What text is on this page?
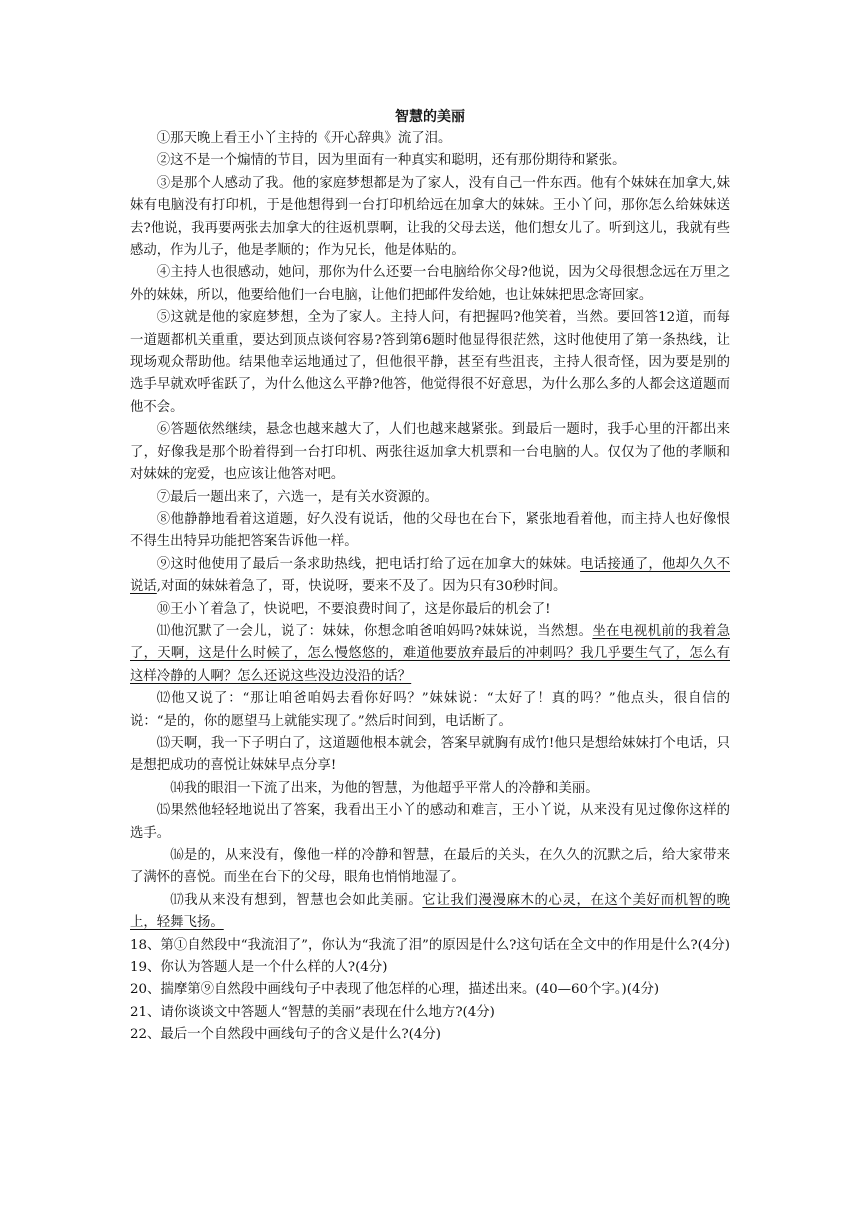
智慧的美丽

①那天晚上看王小丫主持的《开心辞典》流了泪。

②这不是一个煽情的节目，因为里面有一种真实和聪明，还有那份期待和紧张。

③是那个人感动了我。他的家庭梦想都是为了家人，没有自己一件东西。他有个妹妹在加拿大,妹妹有电脑没有打印机，于是他想得到一台打印机给远在加拿大的妹妹。王小丫问，那你怎么给妹妹送去?他说，我再要两张去加拿大的往返机票啊，让我的父母去送，他们想女儿了。听到这儿，我就有些感动，作为儿子，他是孝顺的；作为兄长，他是体贴的。

④主持人也很感动，她问，那你为什么还要一台电脑给你父母?他说，因为父母很想念远在万里之外的妹妹，所以，他要给他们一台电脑，让他们把邮件发给她，也让妹妹把思念寄回家。

⑤这就是他的家庭梦想，全为了家人。主持人问，有把握吗?他笑着，当然。要回答12道，而每一道题都机关重重，要达到顶点谈何容易?答到第6题时他显得很茫然，这时他使用了第一条热线，让现场观众帮助他。结果他幸运地通过了，但他很平静，甚至有些沮丧，主持人很奇怪，因为要是别的选手早就欢呼雀跃了，为什么他这么平静?他答，他觉得很不好意思，为什么那么多的人都会这道题而他不会。

⑥答题依然继续，悬念也越来越大了，人们也越来越紧张。到最后一题时，我手心里的汗都出来了，好像我是那个盼着得到一台打印机、两张往返加拿大机票和一台电脑的人。仅仅为了他的孝顺和对妹妹的宠爱，也应该让他答对吧。

⑦最后一题出来了，六选一，是有关水资源的。

⑧他静静地看着这道题，好久没有说话，他的父母也在台下，紧张地看着他，而主持人也好像恨不得生出特异功能把答案告诉他一样。

⑨这时他使用了最后一条求助热线，把电话打给了远在加拿大的妹妹。电话接通了，他却久久不说话,对面的妹妹着急了，哥，快说呀，要来不及了。因为只有30秒时间。

⑩王小丫着急了，快说吧，不要浪费时间了，这是你最后的机会了!

⑾他沉默了一会儿，说了：妹妹，你想念咱爸咱妈吗?妹妹说，当然想。坐在电视机前的我着急了，天啊，这是什么时候了，怎么慢悠悠的，难道他要放弃最后的冲刺吗？我几乎要生气了，怎么有这样冷静的人啊？怎么还说这些没边没沿的话？

⑿他又说了：“那让咱爸咱妈去看你好吗？”妹妹说：“太好了！真的吗？”他点头，很自信的说：“是的，你的愿望马上就能实现了。”然后时间到，电话断了。

⒀天啊，我一下子明白了，这道题他根本就会，答案早就胸有成竹!他只是想给妹妹打个电话，只是想把成功的喜悦让妹妹早点分享!

⒁我的眼泪一下流了出来，为他的智慧，为他超乎平常人的冷静和美丽。

⒂果然他轻轻地说出了答案，我看出王小丫的感动和难言，王小丫说，从来没有见过像你这样的选手。

⒃是的，从来没有，像他一样的冷静和智慧，在最后的关头，在久久的沉默之后，给大家带来了满怀的喜悦。而坐在台下的父母，眼角也悄悄地湿了。

⒄我从来没有想到，智慧也会如此美丽。它让我们漫漫麻木的心灵，在这个美好而机智的晚上，轻舞飞扬。

18、第①自然段中“我流泪了”，你认为“我流了泪”的原因是什么?这句话在全文中的作用是什么?(4分)

19、你认为答题人是一个什么样的人?(4分)

20、揣摩第⑨自然段中画线句子中表现了他怎样的心理，描述出来。(40—60个字。)(4分)

21、请你谈谈文中答题人“智慧的美丽”表现在什么地方?(4分)

22、最后一个自然段中画线句子的含义是什么?(4分)
